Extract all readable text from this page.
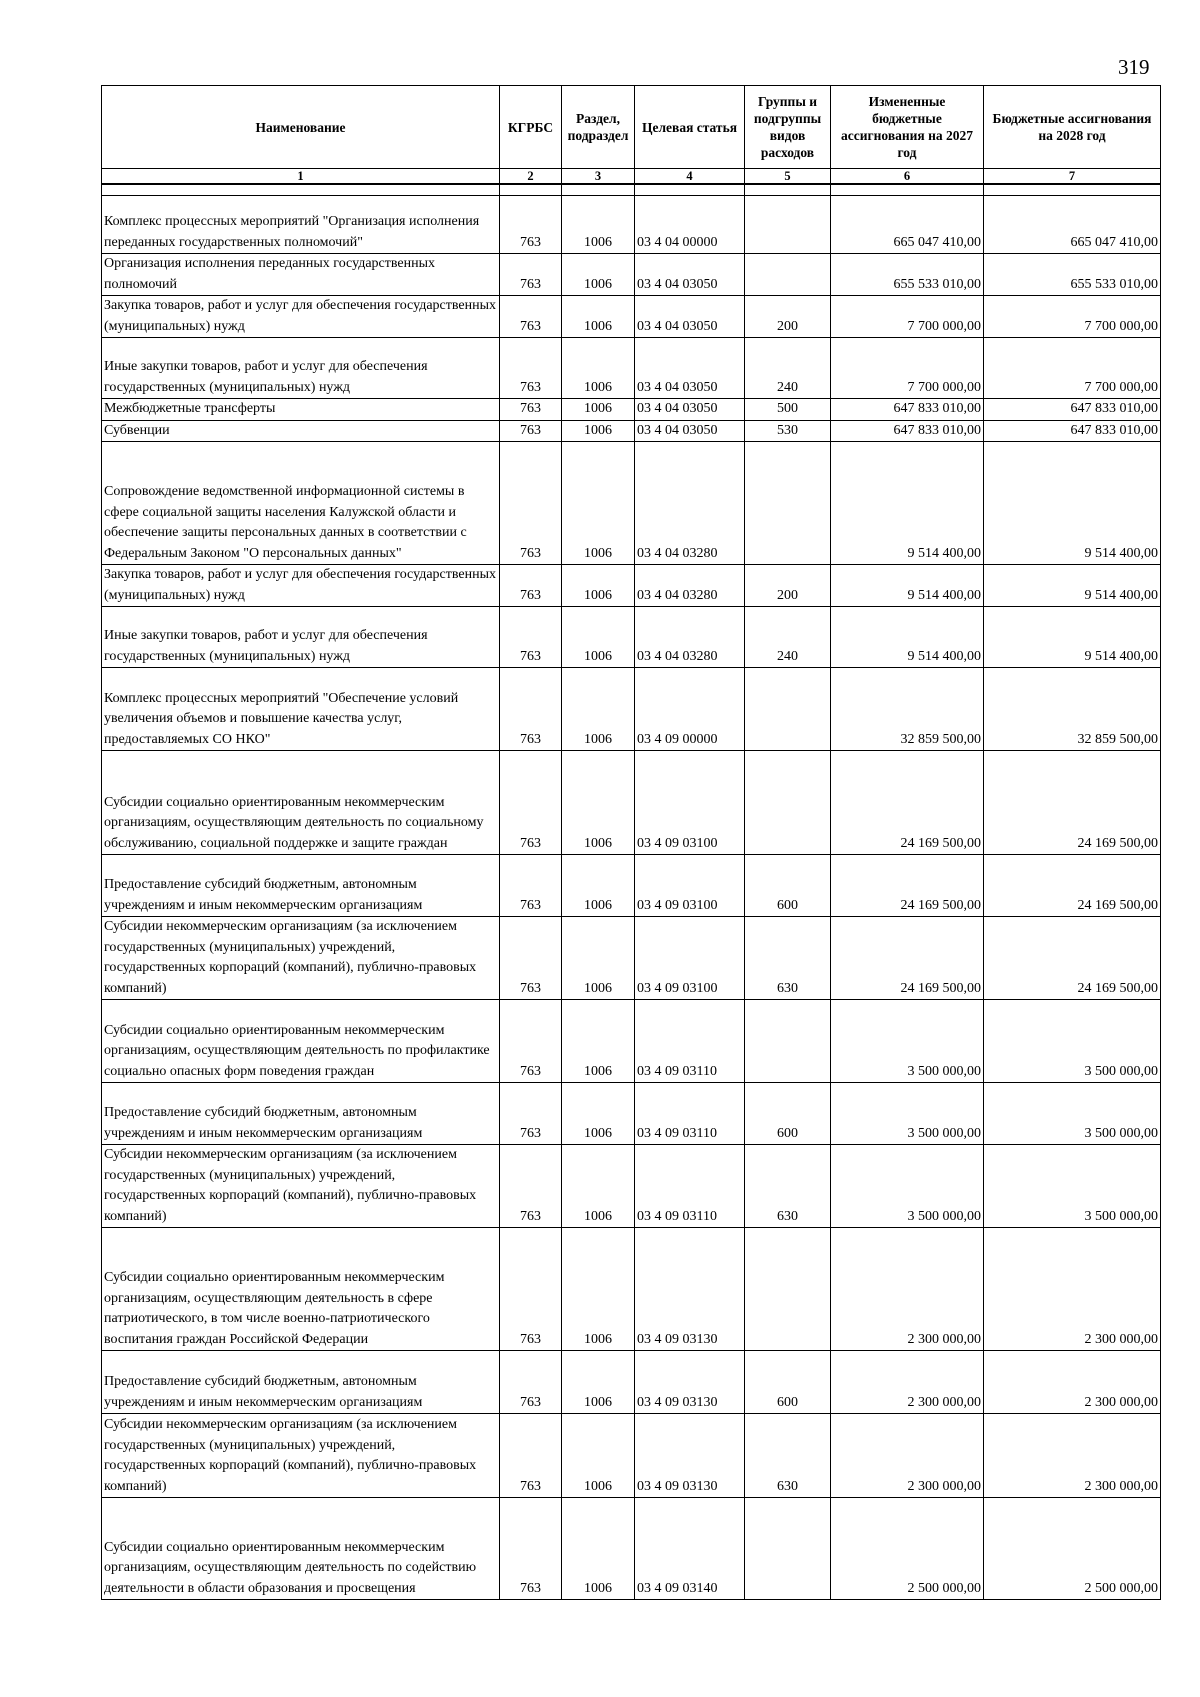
319
Наименование	КГРБС	Раздел, подраздел	Целевая статья	Группы и подгруппы видов расходов	Измененные бюджетные ассигнования на 2027 год	Бюджетные ассигнования на 2028 год
1	2	3	4	5	6	7

Комплекс процессных мероприятий "Организация исполнения переданных государственных полномочий"	763	1006	03 4 04 00000		665 047 410,00	665 047 410,00
Организация исполнения переданных государственных полномочий	763	1006	03 4 04 03050		655 533 010,00	655 533 010,00
Закупка товаров, работ и услуг для обеспечения государственных (муниципальных) нужд	763	1006	03 4 04 03050	200	7 700 000,00	7 700 000,00
Иные закупки товаров, работ и услуг для обеспечения государственных (муниципальных) нужд	763	1006	03 4 04 03050	240	7 700 000,00	7 700 000,00
Межбюджетные трансферты	763	1006	03 4 04 03050	500	647 833 010,00	647 833 010,00
Субвенции	763	1006	03 4 04 03050	530	647 833 010,00	647 833 010,00
Сопровождение ведомственной информационной системы в сфере социальной защиты населения Калужской области и обеспечение защиты персональных данных в соответствии с Федеральным Законом "О персональных данных"	763	1006	03 4 04 03280		9 514 400,00	9 514 400,00
Закупка товаров, работ и услуг для обеспечения государственных (муниципальных) нужд	763	1006	03 4 04 03280	200	9 514 400,00	9 514 400,00
Иные закупки товаров, работ и услуг для обеспечения государственных (муниципальных) нужд	763	1006	03 4 04 03280	240	9 514 400,00	9 514 400,00
Комплекс процессных мероприятий "Обеспечение условий увеличения объемов и повышение качества услуг, предоставляемых СО НКО"	763	1006	03 4 09 00000		32 859 500,00	32 859 500,00
Субсидии социально ориентированным некоммерческим организациям, осуществляющим деятельность по социальному обслуживанию, социальной поддержке и защите граждан	763	1006	03 4 09 03100		24 169 500,00	24 169 500,00
Предоставление субсидий бюджетным, автономным учреждениям и иным некоммерческим организациям	763	1006	03 4 09 03100	600	24 169 500,00	24 169 500,00
Субсидии некоммерческим организациям (за исключением государственных (муниципальных) учреждений, государственных корпораций (компаний), публично-правовых компаний)	763	1006	03 4 09 03100	630	24 169 500,00	24 169 500,00
Субсидии социально ориентированным некоммерческим организациям, осуществляющим деятельность по профилактике социально опасных форм поведения граждан	763	1006	03 4 09 03110		3 500 000,00	3 500 000,00
Предоставление субсидий бюджетным, автономным учреждениям и иным некоммерческим организациям	763	1006	03 4 09 03110	600	3 500 000,00	3 500 000,00
Субсидии некоммерческим организациям (за исключением государственных (муниципальных) учреждений, государственных корпораций (компаний), публично-правовых компаний)	763	1006	03 4 09 03110	630	3 500 000,00	3 500 000,00
Субсидии социально ориентированным некоммерческим организациям, осуществляющим деятельность в сфере патриотического, в том числе военно-патриотического воспитания граждан Российской Федерации	763	1006	03 4 09 03130		2 300 000,00	2 300 000,00
Предоставление субсидий бюджетным, автономным учреждениям и иным некоммерческим организациям	763	1006	03 4 09 03130	600	2 300 000,00	2 300 000,00
Субсидии некоммерческим организациям (за исключением государственных (муниципальных) учреждений, государственных корпораций (компаний), публично-правовых компаний)	763	1006	03 4 09 03130	630	2 300 000,00	2 300 000,00
Субсидии социально ориентированным некоммерческим организациям, осуществляющим деятельность по содействию деятельности в области образования и просвещения	763	1006	03 4 09 03140		2 500 000,00	2 500 000,00
